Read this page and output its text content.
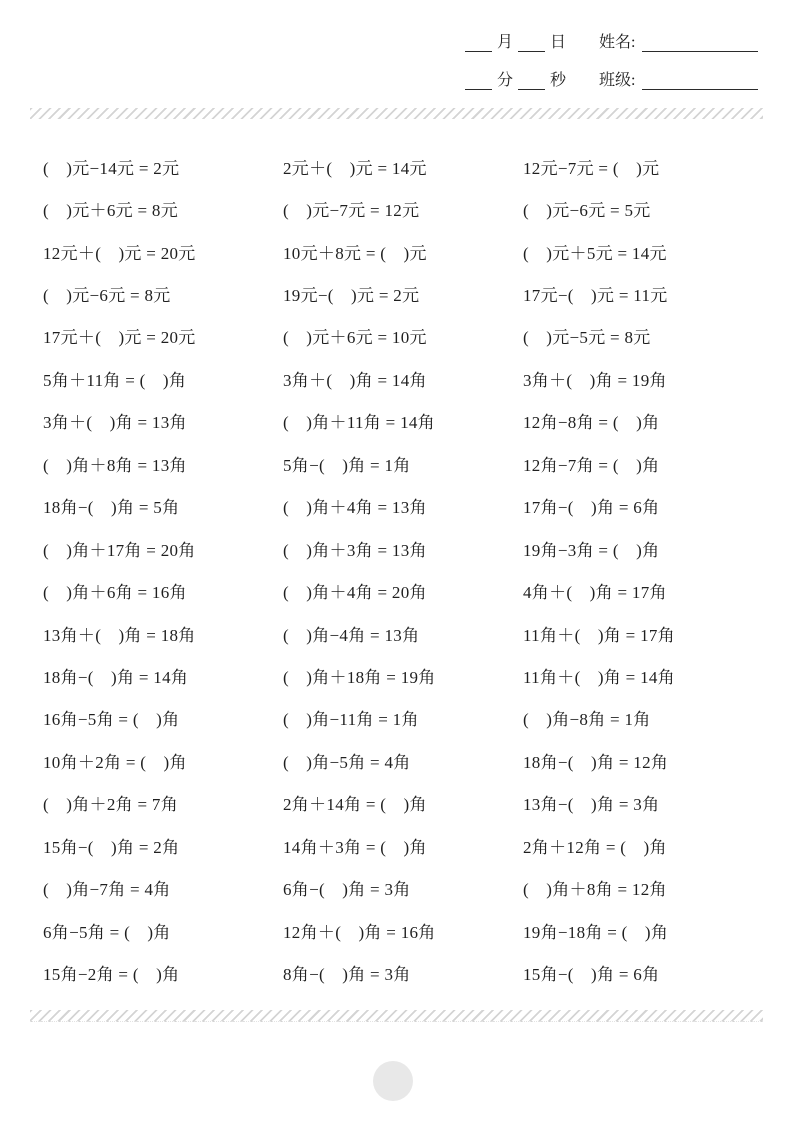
月 日 姓名:
分 秒 班级:
(　)元−14元 = 2元
(　)元＋6元 = 8元
12元＋(　)元 = 20元
(　)元−6元 = 8元
17元＋(　)元 = 20元
5角＋11角 = (　)角
3角＋(　)角 = 13角
(　)角＋8角 = 13角
18角−(　)角 = 5角
(　)角＋17角 = 20角
(　)角＋6角 = 16角
13角＋(　)角 = 18角
18角−(　)角 = 14角
16角−5角 = (　)角
10角＋2角 = (　)角
(　)角＋2角 = 7角
15角−(　)角 = 2角
(　)角−7角 = 4角
6角−5角 = (　)角
15角−2角 = (　)角
2元＋(　)元 = 14元
(　)元−7元 = 12元
10元＋8元 = (　)元
19元−(　)元 = 2元
(　)元＋6元 = 10元
3角＋(　)角 = 14角
(　)角＋11角 = 14角
5角−(　)角 = 1角
(　)角＋4角 = 13角
(　)角＋3角 = 13角
(　)角＋4角 = 20角
(　)角−4角 = 13角
(　)角＋18角 = 19角
(　)角−11角 = 1角
(　)角−5角 = 4角
2角＋14角 = (　)角
14角＋3角 = (　)角
6角−(　)角 = 3角
12角＋(　)角 = 16角
8角−(　)角 = 3角
12元−7元 = (　)元
(　)元−6元 = 5元
(　)元＋5元 = 14元
17元−(　)元 = 11元
(　)元−5元 = 8元
3角＋(　)角 = 19角
12角−8角 = (　)角
12角−7角 = (　)角
17角−(　)角 = 6角
19角−3角 = (　)角
4角＋(　)角 = 17角
11角＋(　)角 = 17角
11角＋(　)角 = 14角
(　)角−8角 = 1角
18角−(　)角 = 12角
13角−(　)角 = 3角
2角＋12角 = (　)角
(　)角＋8角 = 12角
19角−18角 = (　)角
15角−(　)角 = 6角
